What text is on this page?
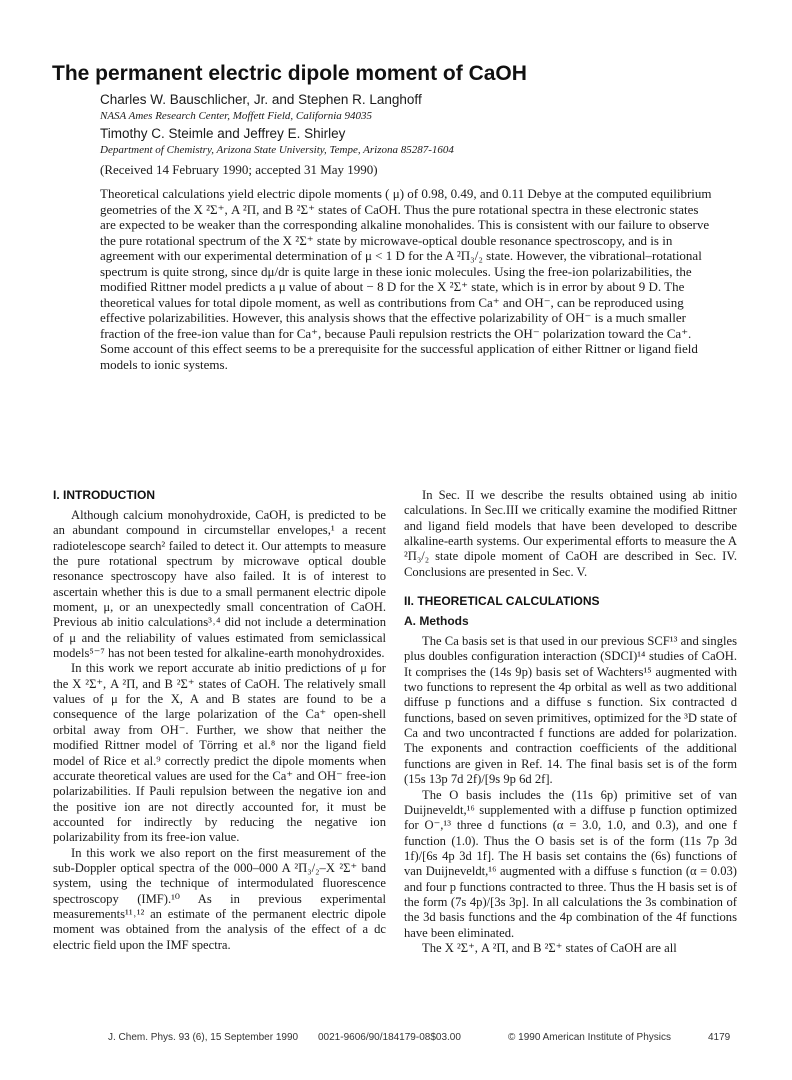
The permanent electric dipole moment of CaOH
Charles W. Bauschlicher, Jr. and Stephen R. Langhoff
NASA Ames Research Center, Moffett Field, California 94035
Timothy C. Steimle and Jeffrey E. Shirley
Department of Chemistry, Arizona State University, Tempe, Arizona 85287-1604
(Received 14 February 1990; accepted 31 May 1990)

Theoretical calculations yield electric dipole moments ( μ) of 0.98, 0.49, and 0.11 Debye at the computed equilibrium geometries of the X ²Σ⁺, A ²Π, and B ²Σ⁺ states of CaOH. Thus the pure rotational spectra in these electronic states are expected to be weaker than the corresponding alkaline monohalides. This is consistent with our failure to observe the pure rotational spectrum of the X ²Σ⁺ state by microwave-optical double resonance spectroscopy, and is in agreement with our experimental determination of μ < 1 D for the A ²Π₃/₂ state. However, the vibrational–rotational spectrum is quite strong, since dμ/dr is quite large in these ionic molecules. Using the free-ion polarizabilities, the modified Rittner model predicts a μ value of about − 8 D for the X ²Σ⁺ state, which is in error by about 9 D. The theoretical values for total dipole moment, as well as contributions from Ca⁺ and OH⁻, can be reproduced using effective polarizabilities. However, this analysis shows that the effective polarizability of OH⁻ is a much smaller fraction of the free-ion value than for Ca⁺, because Pauli repulsion restricts the OH⁻ polarization toward the Ca⁺. Some account of this effect seems to be a prerequisite for the successful application of either Rittner or ligand field models to ionic systems.

I. INTRODUCTION

Although calcium monohydroxide, CaOH, is predicted to be an abundant compound in circumstellar envelopes,¹ a recent radiotelescope search² failed to detect it. Our attempts to measure the pure rotational spectrum by microwave optical double resonance spectroscopy have also failed. It is of interest to ascertain whether this is due to a small permanent electric dipole moment, μ, or an unexpectedly small concentration of CaOH. Previous ab initio calculations³˒⁴ did not include a determination of μ and the reliability of values estimated from semiclassical models⁵⁻⁷ has not been tested for alkaline-earth monohydroxides.

In this work we report accurate ab initio predictions of μ for the X ²Σ⁺, A ²Π, and B ²Σ⁺ states of CaOH. The relatively small values of μ for the X, A and B states are found to be a consequence of the large polarization of the Ca⁺ open-shell orbital away from OH⁻. Further, we show that neither the modified Rittner model of Törring et al.⁸ nor the ligand field model of Rice et al.⁹ correctly predict the dipole moments when accurate theoretical values are used for the Ca⁺ and OH⁻ free-ion polarizabilities. If Pauli repulsion between the negative ion and the positive ion are not directly accounted for, it must be accounted for indirectly by reducing the negative ion polarizability from its free-ion value.

In this work we also report on the first measurement of the sub-Doppler optical spectra of the 000–000 A ²Π₃/₂–X ²Σ⁺ band system, using the technique of intermodulated fluorescence spectroscopy (IMF).¹⁰ As in previous experimental measurements¹¹˒¹² an estimate of the permanent electric dipole moment was obtained from the analysis of the effect of a dc electric field upon the IMF spectra.

In Sec. II we describe the results obtained using ab initio calculations. In Sec.III we critically examine the modified Rittner and ligand field models that have been developed to describe alkaline-earth systems. Our experimental efforts to measure the A ²Π₃/₂ state dipole moment of CaOH are described in Sec. IV. Conclusions are presented in Sec. V.

II. THEORETICAL CALCULATIONS
A. Methods

The Ca basis set is that used in our previous SCF¹³ and singles plus doubles configuration interaction (SDCI)¹⁴ studies of CaOH. It comprises the (14s 9p) basis set of Wachters¹⁵ augmented with two functions to represent the 4p orbital as well as two additional diffuse p functions and a diffuse s function. Six contracted d functions, based on seven primitives, optimized for the ³D state of Ca and two uncontracted f functions are added for polarization. The exponents and contraction coefficients of the additional functions are given in Ref. 14. The final basis set is of the form (15s 13p 7d 2f)/[9s 9p 6d 2f].

The O basis includes the (11s 6p) primitive set of van Duijneveldt,¹⁶ supplemented with a diffuse p function optimized for O⁻,¹³ three d functions (α = 3.0, 1.0, and 0.3), and one f function (1.0). Thus the O basis set is of the form (11s 7p 3d 1f)/[6s 4p 3d 1f]. The H basis set contains the (6s) functions of van Duijneveldt,¹⁶ augmented with a diffuse s function (α = 0.03) and four p functions contracted to three. Thus the H basis set is of the form (7s 4p)/[3s 3p]. In all calculations the 3s combination of the 3d basis functions and the 4p combination of the 4f functions have been eliminated.

The X ²Σ⁺, A ²Π, and B ²Σ⁺ states of CaOH are all

J. Chem. Phys. 93 (6), 15 September 1990 0021-9606/90/184179-08$03.00	© 1990 American Institute of Physics	4179
